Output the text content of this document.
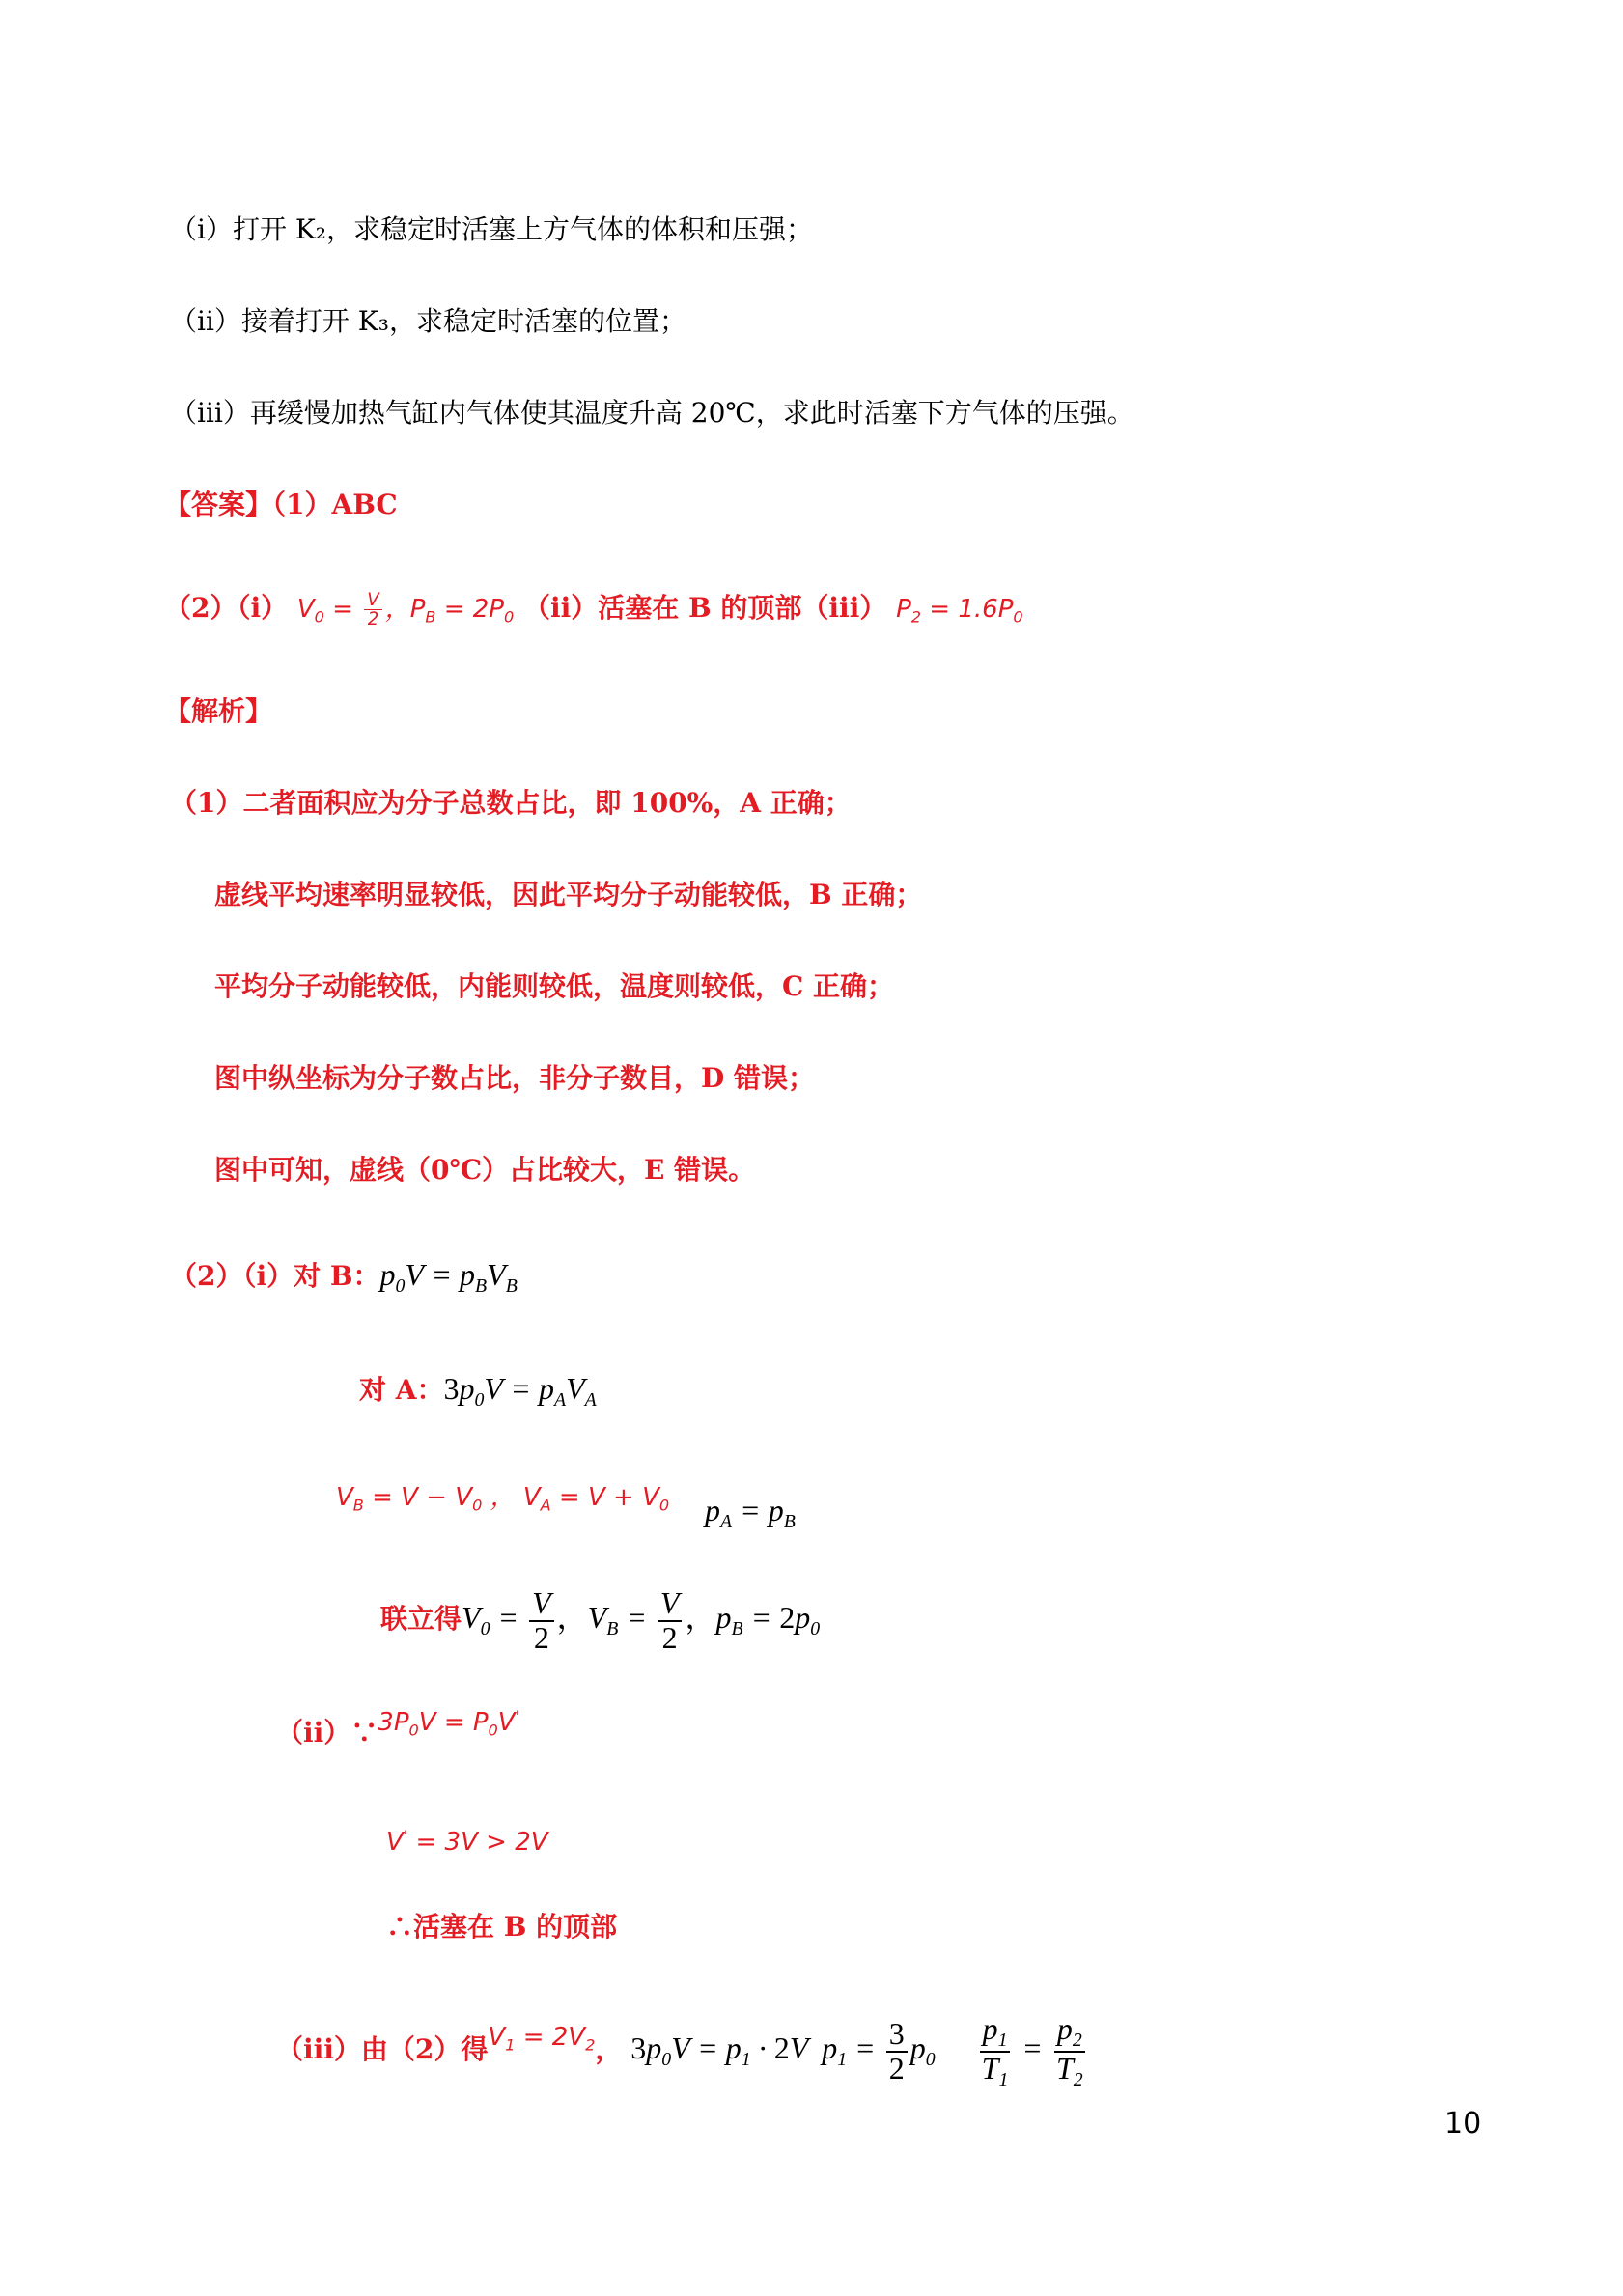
（ⅰ）打开 K₂，求稳定时活塞上方气体的体积和压强；
（ⅱ）接着打开 K₃，求稳定时活塞的位置；
（ⅲ）再缓慢加热气缸内气体使其温度升高 20℃，求此时活塞下方气体的压强。
【答案】（1）ABC
（2）（ⅰ） $V_0 = \frac{V}{2}$ ，$P_B = 2P_0$ （ⅱ）活塞在 B 的顶部（ⅲ） $P_2 = 1.6P_0$
【解析】
（1）二者面积应为分子总数占比，即 100%，A 正确；
虚线平均速率明显较低，因此平均分子动能较低，B 正确；
平均分子动能较低，内能则较低，温度则较低，C 正确；
图中纵坐标为分子数占比，非分子数目，D 错误；
图中可知，虚线（0℃）占比较大，E 错误。
（2）（ⅰ）对 B：$p_0V = p_BV_B$
对 A：$3p_0V = p_AV_A$
$V_B = V - V_0$ ， $V_A = V + V_0$ $p_A = p_B$
联立得$V_0 = \frac{V}{2}$ ，$V_B = \frac{V}{2}$ ，$p_B = 2p_0$
$(ⅱ)\because 3P_0V = P_0V'$
V' = 3V > 2V
∴活塞在 B 的顶部
（ⅲ）由（2）得$V_1 = 2V_2$， $3p_0V = p_1 \cdot 2V$ $p_1 = \frac{3}{2} p_0 \frac{p_1}{T_1} = \frac{p_2}{T_2}$
10
